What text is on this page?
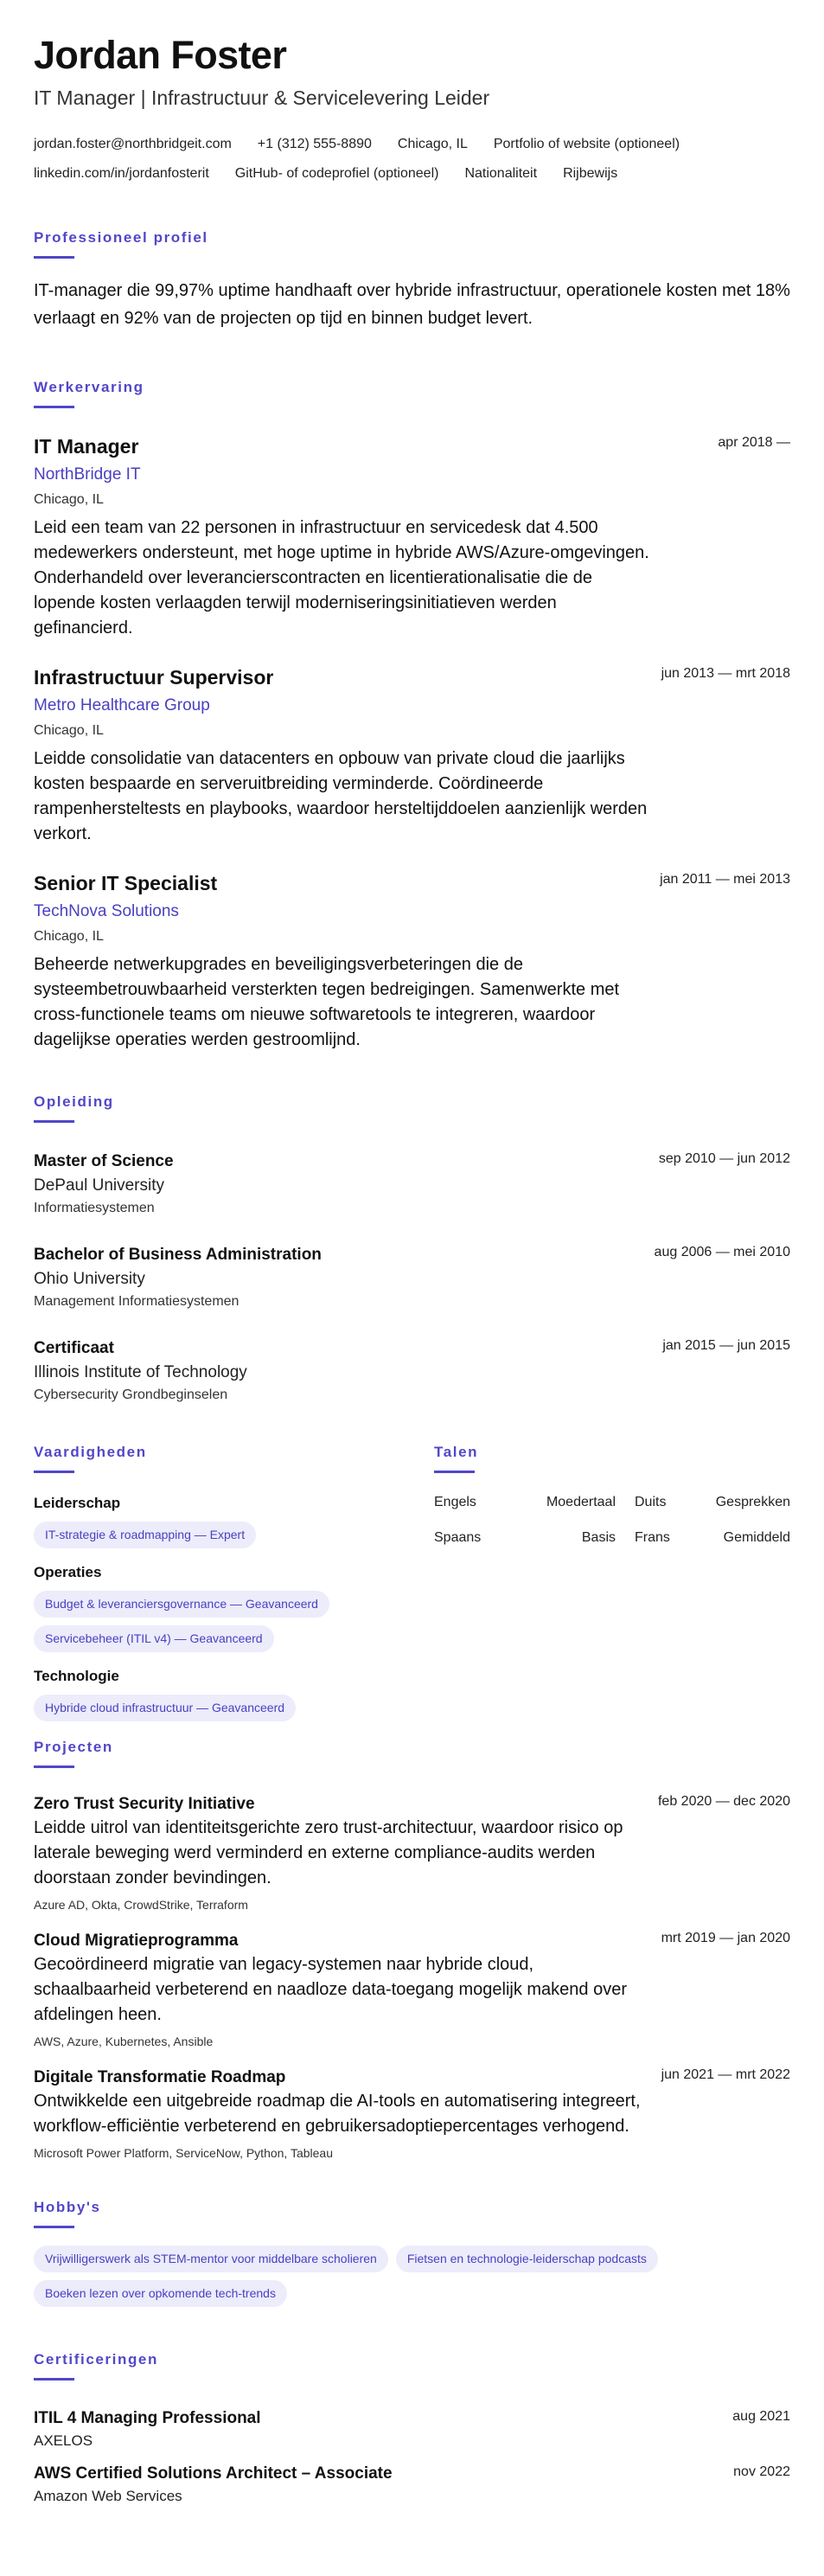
Jordan Foster
IT Manager | Infrastructuur & Servicelevering Leider
jordan.foster@northbridgeit.com +1 (312) 555-8890 Chicago, IL Portfolio of website (optioneel)
linkedin.com/in/jordanfosterit GitHub- of codeprofiel (optioneel) Nationaliteit Rijbewijs
Professioneel profiel
IT-manager die 99,97% uptime handhaaft over hybride infrastructuur, operationele kosten met 18% verlaagt en 92% van de projecten op tijd en binnen budget levert.
Werkervaring
IT Manager	apr 2018 —
NorthBridge IT
Chicago, IL
Leid een team van 22 personen in infrastructuur en servicedesk dat 4.500 medewerkers ondersteunt, met hoge uptime in hybride AWS/Azure-omgevingen. Onderhandeld over leverancierscontracten en licentierationalisatie die de lopende kosten verlaagden terwijl moderniseringsinitiatieven werden gefinancierd.
Infrastructuur Supervisor	jun 2013 — mrt 2018
Metro Healthcare Group
Chicago, IL
Leidde consolidatie van datacenters en opbouw van private cloud die jaarlijks kosten bespaarde en serveruitbreiding verminderde. Coördineerde rampenhersteltests en playbooks, waardoor hersteltijddoelen aanzienlijk werden verkort.
Senior IT Specialist	jan 2011 — mei 2013
TechNova Solutions
Chicago, IL
Beheerde netwerkupgrades en beveiligingsverbeteringen die de systeembetrouwbaarheid versterkten tegen bedreigingen. Samenwerkte met cross-functionele teams om nieuwe softwaretools te integreren, waardoor dagelijkse operaties werden gestroomlijnd.
Opleiding
Master of Science	sep 2010 — jun 2012
DePaul University
Informatiesystemen
Bachelor of Business Administration	aug 2006 — mei 2010
Ohio University
Management Informatiesystemen
Certificaat	jan 2015 — jun 2015
Illinois Institute of Technology
Cybersecurity Grondbeginselen
Vaardigheden
Leiderschap
IT-strategie & roadmapping — Expert
Operaties
Budget & leveranciersgovernance — Geavanceerd
Servicebeheer (ITIL v4) — Geavanceerd
Technologie
Hybride cloud infrastructuur — Geavanceerd
Talen
Engels	Moedertaal	Duits	Gesprekken
Spaans	Basis	Frans	Gemiddeld
Projecten
Zero Trust Security Initiative	feb 2020 — dec 2020
Leidde uitrol van identiteitsgerichte zero trust-architectuur, waardoor risico op laterale beweging werd verminderd en externe compliance-audits werden doorstaan zonder bevindingen.
Azure AD, Okta, CrowdStrike, Terraform
Cloud Migratieprogramma	mrt 2019 — jan 2020
Gecoördineerd migratie van legacy-systemen naar hybride cloud, schaalbaarheid verbeterend en naadloze data-toegang mogelijk makend over afdelingen heen.
AWS, Azure, Kubernetes, Ansible
Digitale Transformatie Roadmap	jun 2021 — mrt 2022
Ontwikkelde een uitgebreide roadmap die AI-tools en automatisering integreert, workflow-efficiëntie verbeterend en gebruikersadoptiepercentages verhogend.
Microsoft Power Platform, ServiceNow, Python, Tableau
Hobby's
Vrijwilligerswerk als STEM-mentor voor middelbare scholieren	Fietsen en technologie-leiderschap podcasts
Boeken lezen over opkomende tech-trends
Certificeringen
ITIL 4 Managing Professional	aug 2021
AXELOS
AWS Certified Solutions Architect – Associate	nov 2022
Amazon Web Services
